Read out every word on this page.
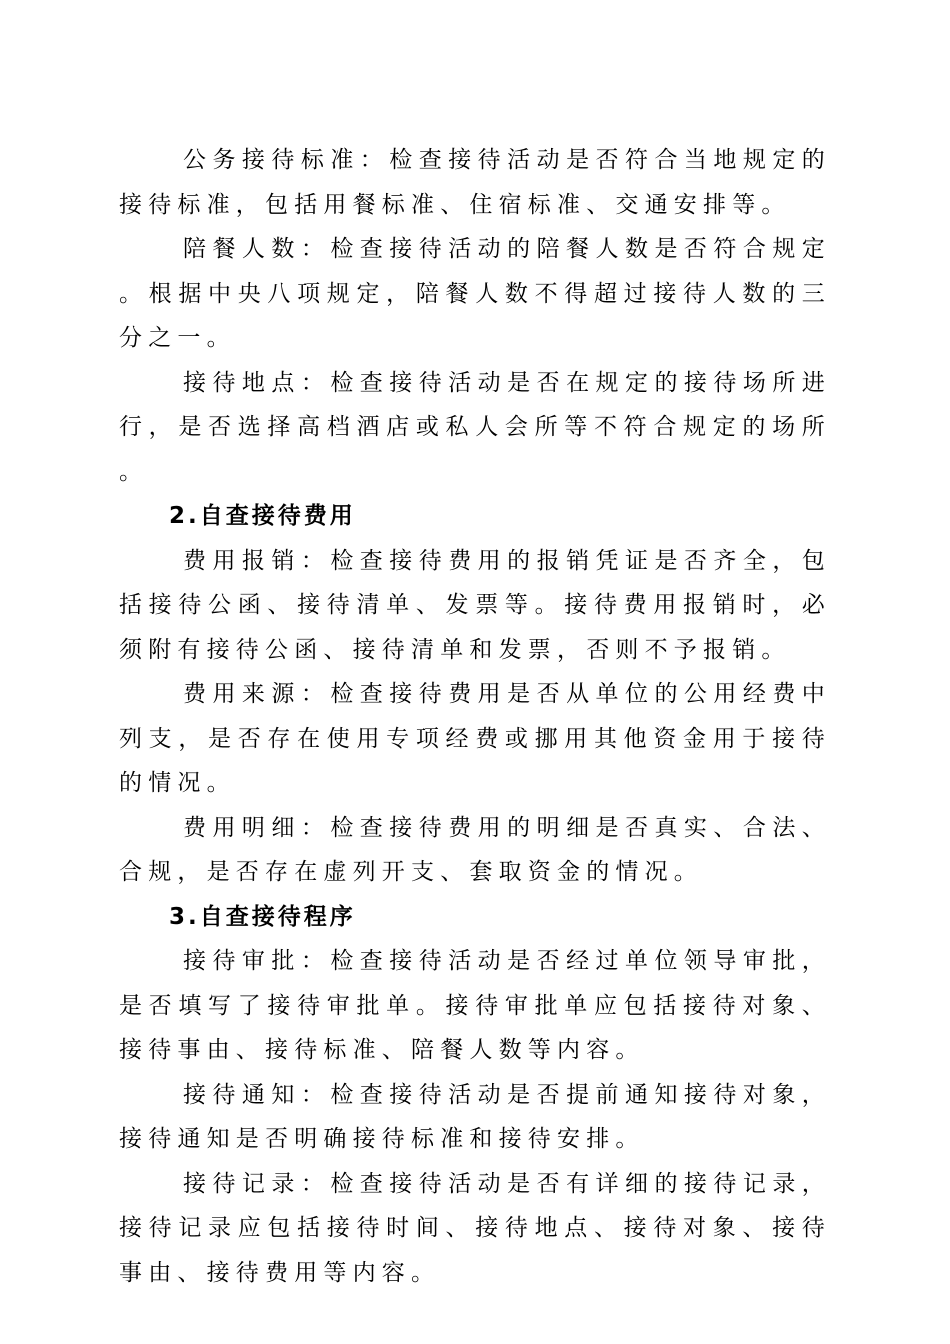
公务接待标准：检查接待活动是否符合当地规定的接待标准，包括用餐标准、住宿标准、交通安排等。

陪餐人数：检查接待活动的陪餐人数是否符合规定。根据中央八项规定，陪餐人数不得超过接待人数的三分之一。

接待地点：检查接待活动是否在规定的接待场所进行，是否选择高档酒店或私人会所等不符合规定的场所。

2.自查接待费用

费用报销：检查接待费用的报销凭证是否齐全，包括接待公函、接待清单、发票等。接待费用报销时，必须附有接待公函、接待清单和发票，否则不予报销。

费用来源：检查接待费用是否从单位的公用经费中列支，是否存在使用专项经费或挪用其他资金用于接待的情况。

费用明细：检查接待费用的明细是否真实、合法、合规，是否存在虚列开支、套取资金的情况。

3.自查接待程序

接待审批：检查接待活动是否经过单位领导审批，是否填写了接待审批单。接待审批单应包括接待对象、接待事由、接待标准、陪餐人数等内容。

接待通知：检查接待活动是否提前通知接待对象，接待通知是否明确接待标准和接待安排。

接待记录：检查接待活动是否有详细的接待记录，接待记录应包括接待时间、接待地点、接待对象、接待事由、接待费用等内容。
